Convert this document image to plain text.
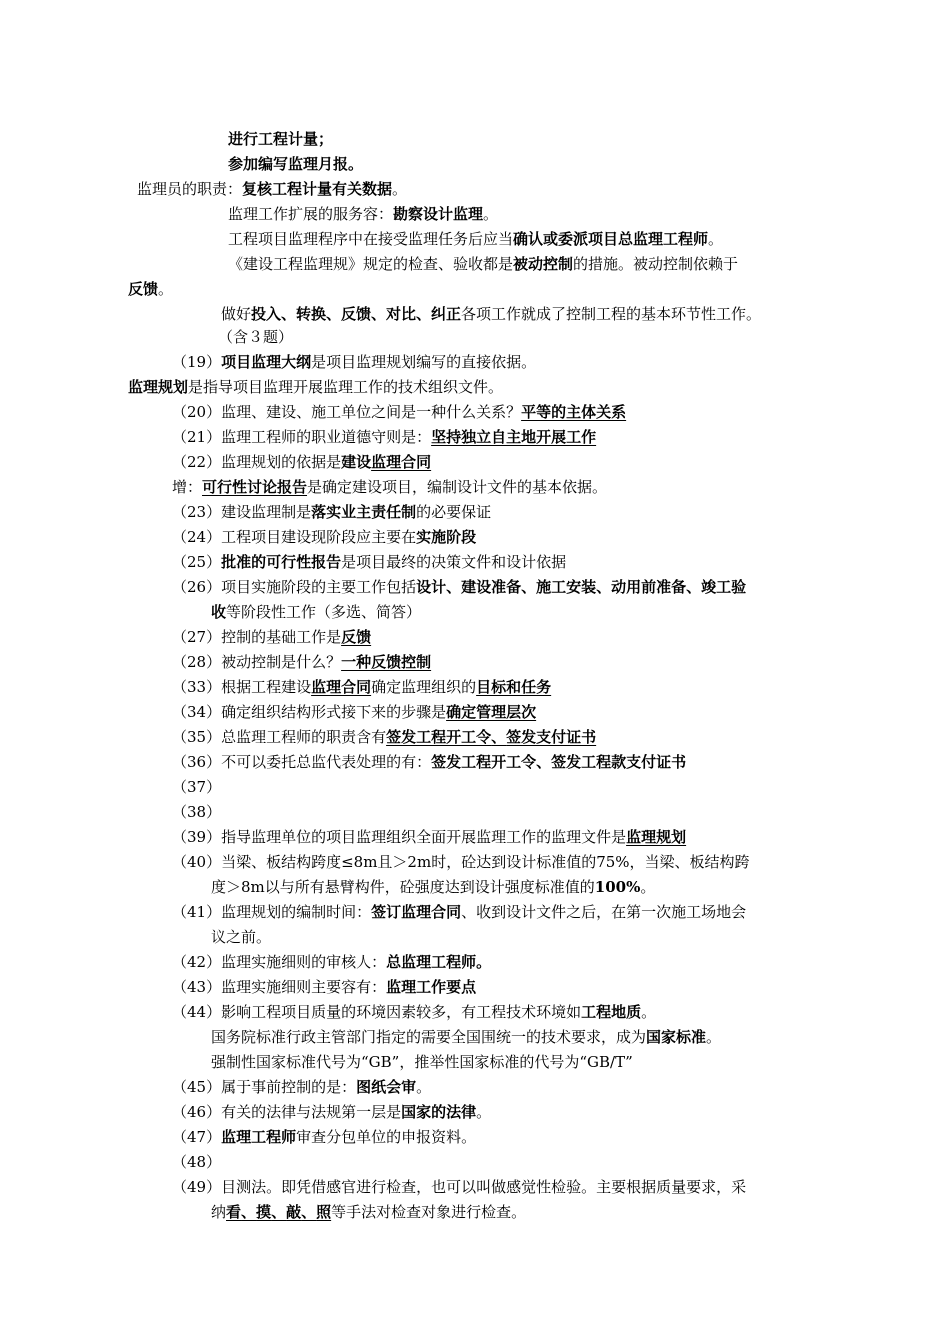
进行工程计量；
参加编写监理月报。
监理员的职责：复核工程计量有关数据。
监理工作扩展的服务容：勘察设计监理。
工程项目监理程序中在接受监理任务后应当确认或委派项目总监理工程师。
《建设工程监理规》规定的检查、验收都是被动控制的措施。被动控制依赖于
反馈。
做好投入、转换、反馈、对比、纠正各项工作就成了控制工程的基本环节性工作。
（含３题）
（19）项目监理大纲是项目监理规划编写的直接依据。
监理规划是指导项目监理开展监理工作的技术组织文件。
（20）监理、建设、施工单位之间是一种什么关系？平等的主体关系
（21）监理工程师的职业道德守则是：坚持独立自主地开展工作
（22）监理规划的依据是建设监理合同
增：可行性讨论报告是确定建设项目，编制设计文件的基本依据。
（23）建设监理制是落实业主责任制的必要保证
（24）工程项目建设现阶段应主要在实施阶段
（25）批准的可行性报告是项目最终的决策文件和设计依据
（26）项目实施阶段的主要工作包括设计、建设准备、施工安装、动用前准备、竣工验
收等阶段性工作（多选、简答）
（27）控制的基础工作是反馈
（28）被动控制是什么？一种反馈控制
（33）根据工程建设监理合同确定监理组织的目标和任务
（34）确定组织结构形式接下来的步骤是确定管理层次
（35）总监理工程师的职责含有签发工程开工令、签发支付证书
（36）不可以委托总监代表处理的有：签发工程开工令、签发工程款支付证书
（37）
（38）
（39）指导监理单位的项目监理组织全面开展监理工作的监理文件是监理规划
（40）当梁、板结构跨度≤8m且＞2m时，砼达到设计标准值的75%，当梁、板结构跨
度＞8m以与所有悬臂构件，砼强度达到设计强度标准值的100%。
（41）监理规划的编制时间：签订监理合同、收到设计文件之后，在第一次施工场地会
议之前。
（42）监理实施细则的审核人：总监理工程师。
（43）监理实施细则主要容有：监理工作要点
（44）影响工程项目质量的环境因素较多，有工程技术环境如工程地质。
国务院标准行政主管部门指定的需要全国围统一的技术要求，成为国家标准。
强制性国家标准代号为“GB”，推举性国家标准的代号为“GB/T”
（45）属于事前控制的是：图纸会审。
（46）有关的法律与法规第一层是国家的法律。
（47）监理工程师审查分包单位的申报资料。
（48）
（49）目测法。即凭借感官进行检查，也可以叫做感觉性检验。主要根据质量要求，采
纳看、摸、敲、照等手法对检查对象进行检查。
